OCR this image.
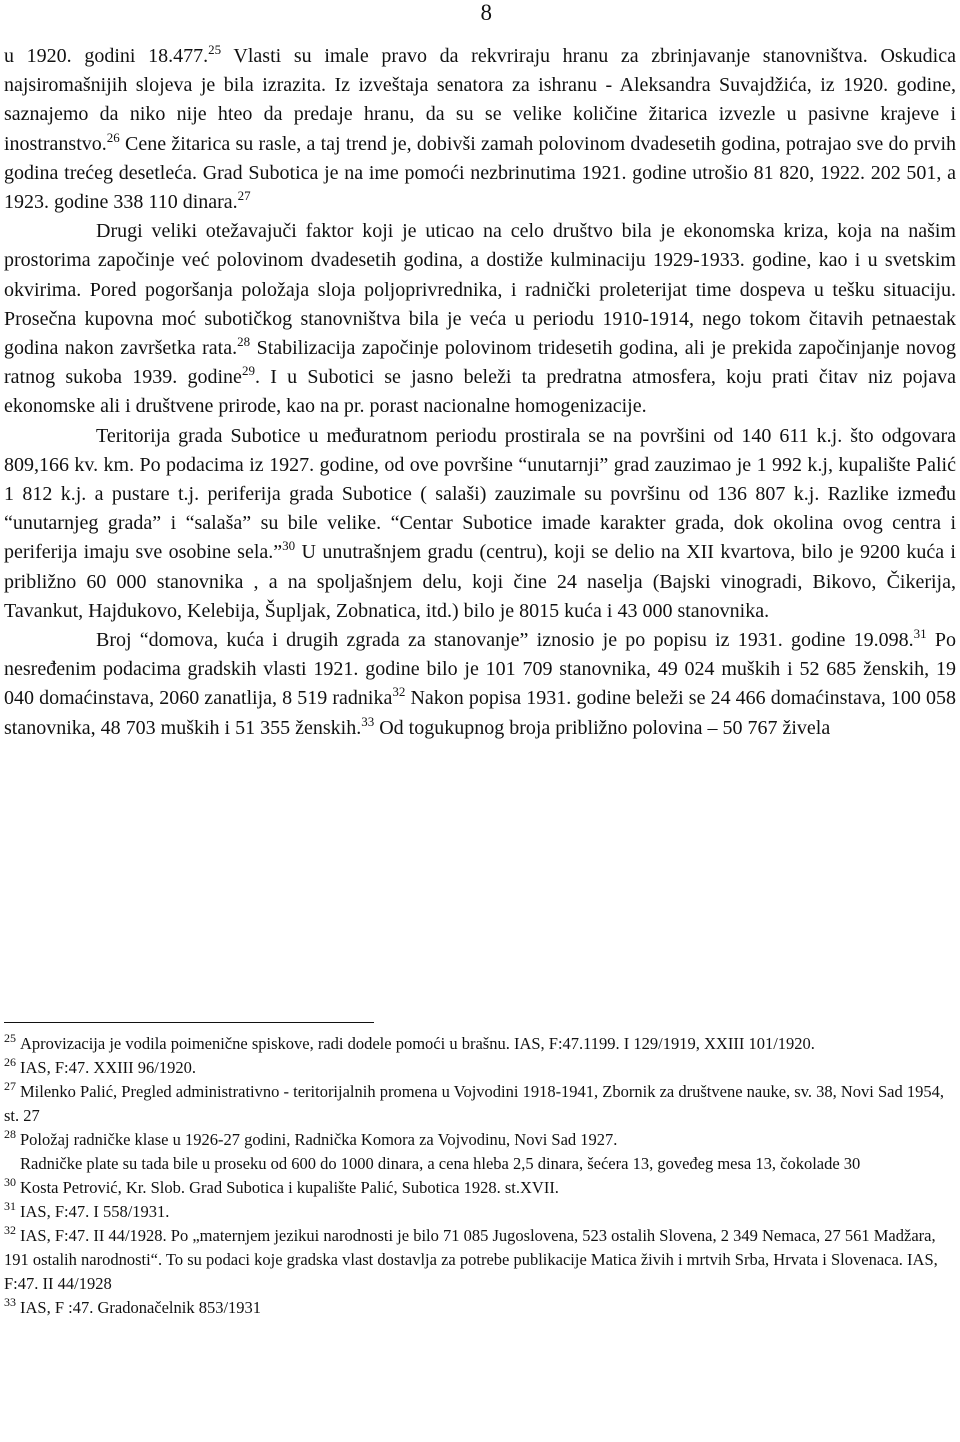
8

u 1920. godini 18.477.25 Vlasti su imale pravo da rekvriraju hranu za zbrinjavanje stanovništva. Oskudica najsiromašnijih slojeva je bila izrazita. Iz izveštaja senatora za ishranu - Aleksandra Suvajdžića, iz 1920. godine, saznajemo da niko nije hteo da predaje hranu, da su se velike količine žitarica izvezle u pasivne krajeve i inostranstvo.$^{26}$ Cene žitarica su rasle, a taj trend je, dobivši zamah polovinom dvadesetih godina, potrajao sve do prvih godina trećeg desetleća. Grad Subotica je na ime pomoći nezbrinutima 1921. godine utrošio 81 820, 1922. 202 501, a 1923. godine 338 110 dinara.$^{27}$

Drugi veliki otežavajuči faktor koji je uticao na celo društvo bila je ekonomska kriza, koja na našim prostorima započinje već polovinom dvadesetih godina, a dostiže kulminaciju 1929-1933. godine, kao i u svetskim okvirima. Pored pogoršanja položaja sloja poljoprivrednika, i radnički proleterijat time dospeva u tešku situaciju. Prosečna kupovna moć subotičkog stanovništva bila je veća u periodu 1910-1914, nego tokom čitavih petnaestak godina nakon završetka rata.$^{28}$ Stabilizacija započinje polovinom tridesetih godina, ali je prekida započinjanje novog ratnog sukoba 1939. godine$^{29}$. I u Subotici se jasno beleži ta predratna atmosfera, koju prati čitav niz pojava ekonomske ali i društvene prirode, kao na pr. porast nacionalne homogenizacije.

Teritorija grada Subotice u međuratnom periodu prostirala se na površini od 140 611 k.j. što odgovara 809,166 kv. km. Po podacima iz 1927. godine, od ove površine “unutarnji” grad zauzimao je 1 992 k.j, kupalište Palić 1 812 k.j. a pustare t.j. periferija grada Subotice ( salaši) zauzimale su površinu od 136 807 k.j. Razlike između “unutarnjeg grada” i “salaša” su bile velike. “Centar Subotice imade karakter grada, dok okolina ovog centra i periferija imaju sve osobine sela.”$^{30}$ U unutrašnjem gradu (centru), koji se delio na XII kvartova, bilo je 9200 kuća i približno 60 000 stanovnika , a na spoljašnjem delu, koji čine 24 naselja (Bajski vinogradi, Bikovo, Čikerija, Tavankut, Hajdukovo, Kelebija, Šupljak, Zobnatica, itd.) bilo je 8015 kuća i 43 000 stanovnika.

Broj “domova, kuća i drugih zgrada za stanovanje” iznosio je po popisu iz 1931. godine 19.098.31 Po nesređenim podacima gradskih vlasti 1921. godine bilo je 101 709 stanovnika, 49 024 muških i 52 685 ženskih, 19 040 domaćinstava, 2060 zanatlija, 8 519 radnika$^{32}$ Nakon popisa 1931. godine beleži se 24 466 domaćinstava, 100 058 stanovnika, 48 703 muških i 51 355 ženskih.$^{33}$ Od togukupnog broja približno polovina – 50 767 živela

$^{25}$ Aprovizacija je vodila poimenične spiskove, radi dodele pomoći u brašnu. IAS, F:47.1199. I 129/1919, XXIII 101/1920.

$^{26}$ IAS, F:47. XXIII 96/1920.

$^{27}$ Milenko Palić, Pregled administrativno - teritorijalnih promena u Vojvodini 1918-1941, Zbornik za društvene nauke, sv. 38, Novi Sad 1954, st. 27

$^{28}$ Položaj radničke klase u 1926-27 godini, Radnička Komora za Vojvodinu, Novi Sad 1927.
Radničke plate su tada bile u proseku od 600 do 1000 dinara, a cena hleba 2,5 dinara, šećera 13, goveđeg mesa 13, čokolade 30

$^{30}$ Kosta Petrović, Kr. Slob. Grad Subotica i kupalište Palić, Subotica 1928. st.XVII.

$^{31}$ IAS, F:47. I 558/1931.

$^{32}$ IAS, F:47. II 44/1928. Po „maternjem jezikui narodnosti je bilo 71 085 Jugoslovena, 523 ostalih Slovena, 2 349 Nemaca, 27 561 Madžara, 191 ostalih narodnosti“. To su podaci koje gradska vlast dostavlja za potrebe publikacije Matica živih i mrtvih Srba, Hrvata i Slovenaca. IAS, F:47. II 44/1928

$^{33}$ IAS, F :47. Gradonačelnik 853/1931
